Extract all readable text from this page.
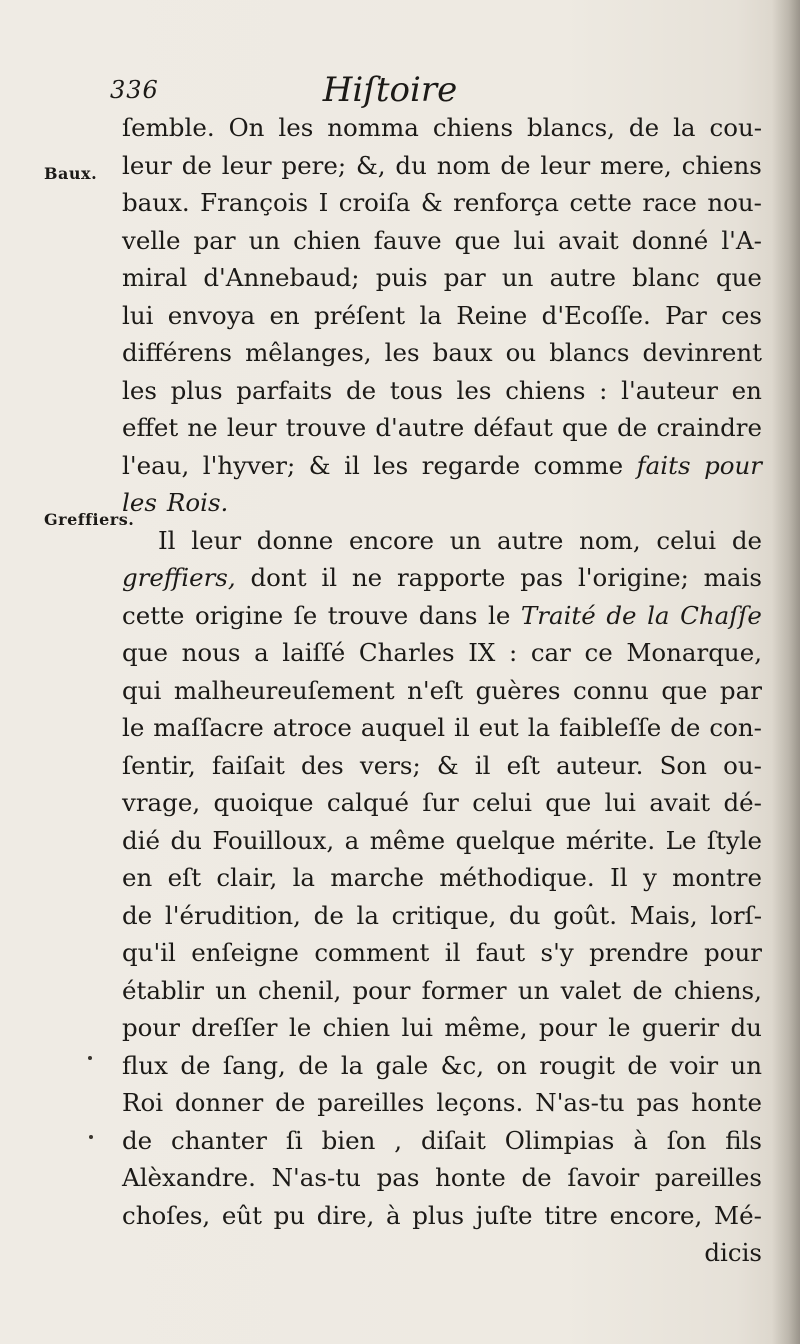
336	Hiſtoire
Baux.
Greffiers.
ſemble. On les nomma chiens blancs, de la cou-
leur de leur pere; &, du nom de leur mere, chiens
baux. François I croiſa & renforça cette race nou-
velle par un chien fauve que lui avait donné l'A-
miral d'Annebaud; puis par un autre blanc que
lui envoya en préſent la Reine d'Ecoſſe. Par ces
différens mêlanges, les baux ou blancs devinrent
les plus parfaits de tous les chiens : l'auteur en
effet ne leur trouve d'autre défaut que de craindre
l'eau, l'hyver; & il les regarde comme faits pour
les Rois.
Il leur donne encore un autre nom, celui de
greffiers, dont il ne rapporte pas l'origine; mais
cette origine ſe trouve dans le Traité de la Chaſſe
que nous a laiſſé Charles IX : car ce Monarque,
qui malheureuſement n'eſt guères connu que par
le maſſacre atroce auquel il eut la faibleſſe de con-
ſentir, faiſait des vers; & il eſt auteur. Son ou-
vrage, quoique calqué ſur celui que lui avait dé-
dié du Fouilloux, a même quelque mérite. Le ſtyle
en eſt clair, la marche méthodique. Il y montre
de l'érudition, de la critique, du goût. Mais, lorſ-
qu'il enſeigne comment il faut s'y prendre pour
établir un chenil, pour former un valet de chiens,
pour dreſſer le chien lui même, pour le guerir du
flux de ſang, de la gale &c, on rougit de voir un
Roi donner de pareilles leçons. N'as-tu pas honte
de chanter ſi bien , diſait Olimpias à ſon fils
Alèxandre. N'as-tu pas honte de ſavoir pareilles
choſes, eût pu dire, à plus juſte titre encore, Mé-
dicis
